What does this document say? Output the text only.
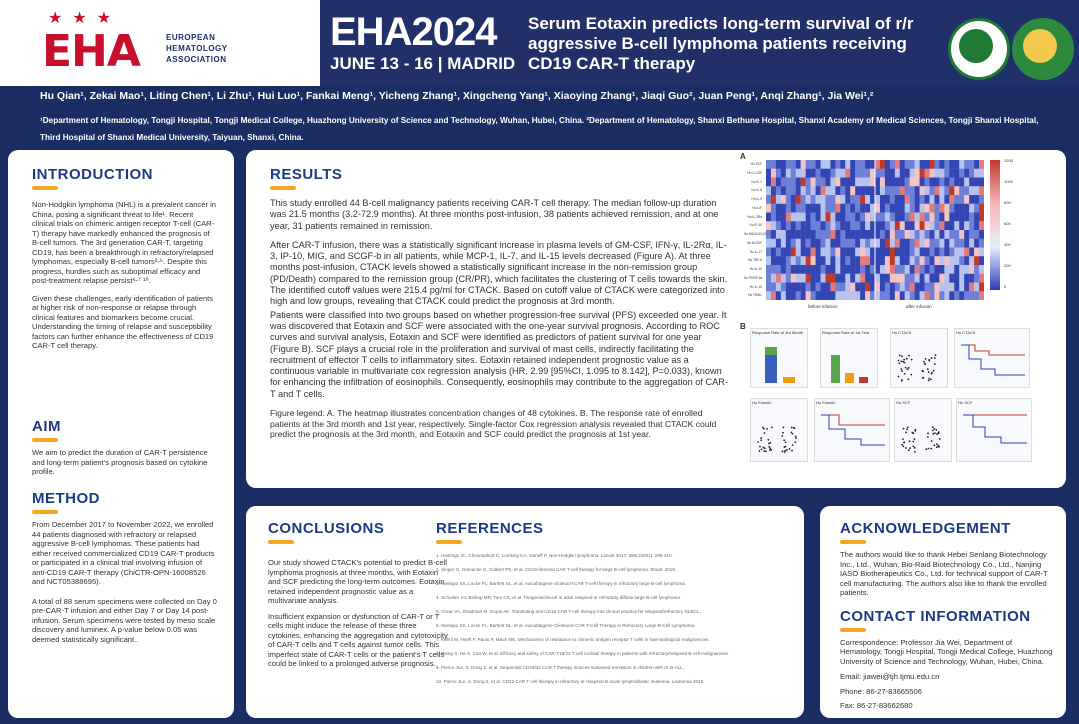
★★★
EHA	EUROPEAN
HEMATOLOGY
ASSOCIATION
EHA2024
JUNE 13 - 16 | MADRID
Serum Eotaxin predicts long-term survival of r/r aggressive B-cell lymphoma patients receiving CD19 CAR-T therapy
Hu Qian¹, Zekai Mao¹, Liting Chen¹, Li Zhu¹, Hui Luo¹, Fankai Meng¹, Yicheng Zhang¹, Xingcheng Yang¹, Xiaoying Zhang¹, Jiaqi Guo², Juan Peng¹, Anqi Zhang¹, Jia Wei¹,²
¹Department of Hematology, Tongji Hospital, Tongji Medical College, Huazhong University of Science and Technology, Wuhan, Hubei, China. ²Department of Hematology, Shanxi Bethune Hospital, Shanxi Academy of Medical Sciences, Tongji Shanxi Hospital, Third Hospital of Shanxi Medical University, Taiyuan, Shanxi, China.
INTRODUCTION
Non-Hodgkin lymphoma (NHL) is a prevalent cancer in China, posing a significant threat to life¹. Recent clinical trials on chimeric antigen receptor T-cell (CAR-T) therapy have markedly enhanced the prognosis of B-cell tumors. The 3rd generation CAR-T, targeting CD19, has been a breakthrough in refractory/relapsed lymphomas, especially B-cell tumors²-⁵. Despite this progress, hurdles such as suboptimal efficacy and post-treatment relapse persist⁶-⁷ ¹⁰.
Given these challenges, early identification of patients at higher risk of non-response or relapse through clinical features and biomarkers become crucial. Understanding the timing of relapse and susceptibility factors can further enhance the effectiveness of CD19 CAR-T cell therapy.
AIM
We aim to predict the duration of CAR-T persistence and long-term patient's prognosis based on cytokine profile.
METHOD
From December 2017 to November 2022, we enrolled 44 patients diagnosed with refractory or relapsed aggressive B-cell lymphomas. These patients had either received commercialized CD19 CAR-T products or participated in a clinical trial involving infusion of anti-CD19 CAR-T therapy (ChiCTR-OPN-16008526 and NCT05388695).
A total of 88 serum specimens were collected on Day 0 pre-CAR-T infusion and either Day 7 or Day 14 post-infusion. Serum specimens were tested by meso scale discovery and luminex. A p-value below 0.05 was deemed statistically significant..
RESULTS
This study enrolled 44 B-cell malignancy patients receiving CAR-T cell therapy. The median follow-up duration was 21.5 months (3.2-72.9 months). At three months post-infusion, 38 patients achieved remission, and at one year, 31 patients remained in remission.
After CAR-T infusion, there was a statistically significant increase in plasma levels of GM-CSF, IFN-γ, IL-2Rα, IL-3, IP-10, MIG, and SCGF-b in all patients, while MCP-1, IL-7, and IL-15 levels decreased (Figure A). At three months post-infusion, CTACK levels showed a statistically significant increase in the non-remission group (PD/Death) compared to the remission group (CR/PR), which facilitates the clustering of T cells towards the skin. The identified cutoff values were 215.4 pg/ml for CTACK. Based on cutoff value of CTACK were categorized into high and low groups, revealing that CTACK could predict the prognosis at 3rd month.
Patients were classified into two groups based on whether progression-free survival (PFS) exceeded one year. It was discovered that Eotaxin and SCF were associated with the one-year survival prognosis. According to ROC curves and survival analysis, Eotaxin and SCF were identified as predictors of patient survival for one year (Figure B). SCF plays a crucial role in the proliferation and survival of mast cells, indirectly facilitating the recruitment of effector T cells to inflammatory sites. Eotaxin retained independent prognostic value as a continuous variable in multivariate cox regression analysis (HR, 2.99 [95%CI, 1.095 to 8.142], P=0.033), known for enhancing the infiltration of eosinophils. Consequently, eosinophils may contribute to the aggregation of CAR-T and T cells.
Figure legend: A. The heatmap illustrates concentration changes of 48 cytokines. B. The response rate of enrolled patients at the 3rd month and 1st year, respectively. Single-factor Cox regression analysis revealed that CTACK could predict the prognosis at the 3rd month, and Eotaxin and SCF could predict the prognosis at 1st year.
A
Hu SCF
Hu C-CSF
Hu IL-2
Hu IL-8
Hu IL-9
Hu LIF
Hu IL-2Ra
Hu IP-10
Hu MIG/CXCL9
Hu M-CSF
Hu IL-17
Hu TNF-b
Hu IL-10
Hu PDGF-bb
Hu IL-16
Hu TRAIL
1200
1000
800
600
400
200
0
before infusion	after infusion
B
Response Rate at 3rd Month	Response Rate at 1st Year	Hu CTACK	Hu CTACK
Hu Eotaxin	Hu Eotaxin	Hu SCF	Hu SCF
CONCLUSIONS
Our study showed CTACK's potential to predict B-cell lymphoma prognosis at three months, with Eotaxin and SCF predicting the long-term outcomes. Eotaxin retained independent prognostic value as a multivariate analysis.
Insufficient expansion or dysfunction of CAR-T or T cells might induce the release of these three cytokines, enhancing the aggregation and cytotoxicity of CAR-T cells and T cells against tumor cells. This imperfect state of CAR-T cells or the patient's T cells could be linked to a prolonged adverse prognosis.
REFERENCES
1. Hastings JC, Cheonsahod C, Lumsing KA, Ganeff P. Non-Hodgkin lymphoma. Lancet 2017; 390(10091): 298-310.
2. Singer O, Gamache G, Colbert PS, et al. CD19-directed CAR T-cell therapy for large B-cell lymphoma. Blood. 2019.
3. Neelapu SS, Locke FL, Bartlett NL, et al. Axicabtagene ciloleucel CAR T-cell therapy in refractory large B-cell lymphoma.
4. Schuster SJ, Bishop MR, Tam CS, et al. Tisagenlecleucel in adult relapsed or refractory diffuse large B-cell lymphoma.
5. Chow VA, Shadman M, Gopal AK. Translating anti-CD19 CAR T-cell therapy into clinical practice for relapsed/refractory DLBCL.
6. Neelapu SS, Locke FL, Bartlett NL, et al. Axicabtagene Ciloleucel CAR T-Cell Therapy in Refractory Large B-Cell Lymphoma.
7. Kuhnl M, Hoeft F, Paulo P, Mauri MK. Mechanisms of resistance to chimeric antigen receptor T cells in haematological malignancies.
8. Wang X, Ha X, Cao W, et al. Efficacy and safety of CAR-T19/22 T cell cocktail therapy in patients with refractory/relapsed B-cell malignancies.
9. Pierce JLe, S. Dong Z, et al. Sequential CD19/22 CAR T therapy induces sustained remission in children with r/r B-ALL.
10. Pierce JLe, S. Dong Z, et al. CD22 CAR T cell therapy in refractory or relapsed B acute lymphoblastic leukemia. Leukemia 2019.
ACKNOWLEDGEMENT
The authors would like to thank Hebei Senlang Biotechnology Inc., Ltd., Wuhan, Bio-Raid Biotechnology Co., Ltd., Nanjing IASO Biotherapeutics Co., Ltd. for technical support of CAR-T cell manufacturing. The authors also like to thank the enrolled patients.
CONTACT INFORMATION
Correspondence: Professor Jia Wei, Department of Hematology, Tongji Hospital, Tongji Medical College, Huazhong University of Science and Technology, Wuhan, Hubei, China.
Email: jiawei@tjh.tjmu.edu.cn
Phone: 86-27-83665506
Fax: 86-27-83662680
